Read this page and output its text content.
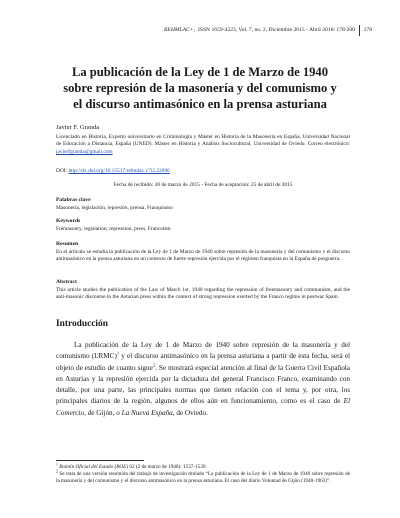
REHMLAC+, ISSN 1659-4223, Vol. 7, no. 2, Diciembre 2015 - Abril 2016/ 178-200 178
La publicación de la Ley de 1 de Marzo de 1940
sobre represión de la masonería y del comunismo y
el discurso antimasónico en la prensa asturiana
Javier F. Granda
Licenciado en Historia, Experto universitario en Criminología y Máster en Historia de la Masonería en España, Universidad Nacional de Educación a Distancia, España (UNED). Máster en Historia y Análisis Sociocultural, Universidad de Oviedo. Correo electrónico: javierfgranda@gmail.com
DOI: http://dx.doi.org/10.15517/rehmlac.v7i2.22696
Fecha de recibido: 30 de marzo de 2015 - Fecha de aceptación: 25 de abril de 2015
Palabras clave
Masonería, legislación, represión, prensa, Franquismo
Keywords
Fremasonry, legislation, repression, press, Francoism
Resumen
En el artículo se estudia la publicación de la Ley de 1 de Marzo de 1940 sobre represión de la masonería y del comunismo y el discurso antimasónico en la prensa asturiana en un contexto de fuerte represión ejercida por el régimen franquista en la España de posguerra.
Abstract
This article studies the publication of the Law of March 1st, 1940 regarding the repression of freemasonry and communism, and the anti-masonic discourse in the Asturian press within the context of strong repression exerted by the Franco regime in postwar Spain.
Introducción
La publicación de la Ley de 1 de Marzo de 1940 sobre represión de la masonería y del comunismo (LRMC)$^1$ y el discurso antimasónico en la prensa asturiana a partir de esta fecha, será el objeto de estudio de cuanto sigue$^2$. Se mostrará especial atención al final de la Guerra Civil Española en Asturias y la represión ejercida por la dictadura del general Francisco Franco, examinando con detalle, por una parte, las principales normas que tienen relación con el tema y, por otra, los principales diarios de la región, algunos de ellos aún en funcionamiento, como es el caso de El Comercio, de Gijón, o La Nueva España, de Oviedo.
$^1$ Boletín Oficial del Estado (BOE) 62 (2 de marzo de 1940): 1537-1539.
$^2$ Se trata de una versión resumida del trabajo de investigación titulado “La publicación de la Ley de 1 de Marzo de 1940 sobre represión de la masonería y del comunismo y el discurso antimasónico en la prensa asturiana. El caso del diario Voluntad de Gijón (1940-1963)”.
